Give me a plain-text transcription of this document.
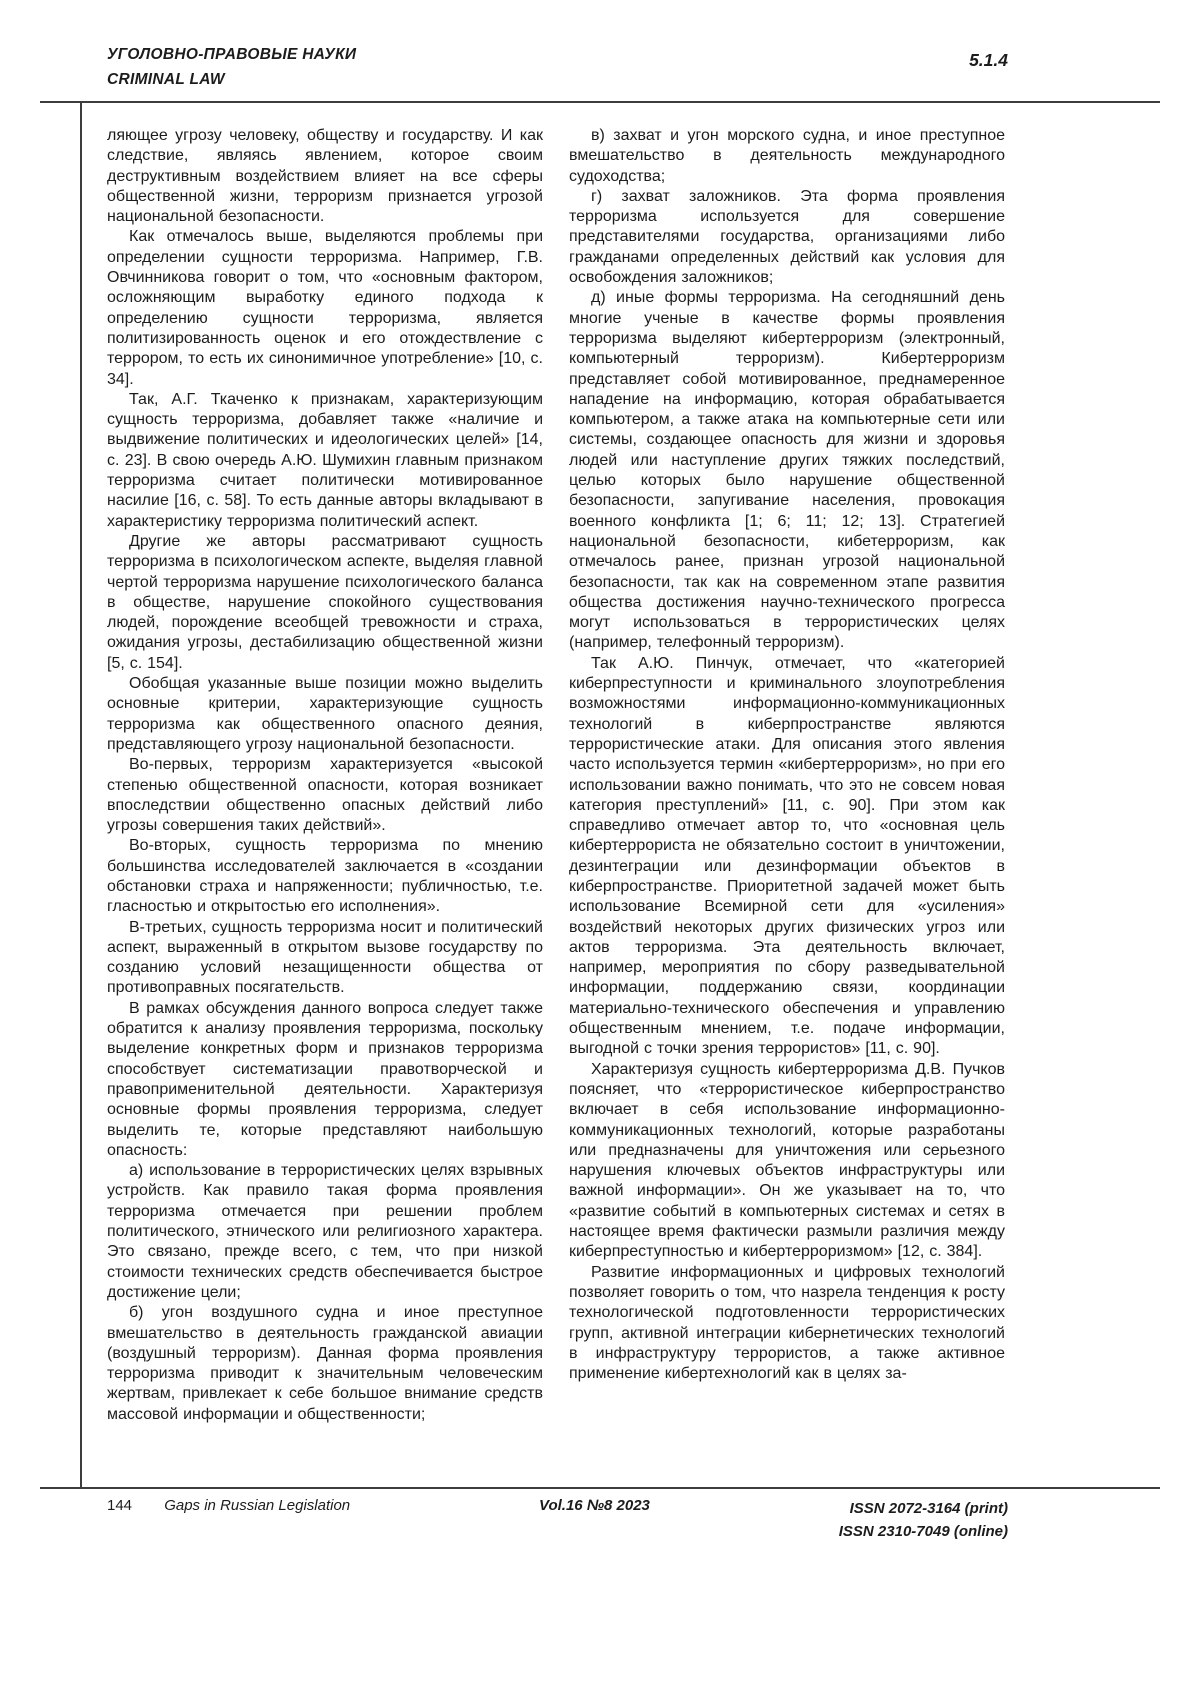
УГОЛОВНО-ПРАВОВЫЕ НАУКИ
CRIMINAL LAW
5.1.4

ляющее угрозу человеку, обществу и государству. И как следствие, являясь явлением, которое своим деструктивным воздействием влияет на все сферы общественной жизни, терроризм признается угрозой национальной безопасности.

Как отмечалось выше, выделяются проблемы при определении сущности терроризма. Например, Г.В. Овчинникова говорит о том, что «основным фактором, осложняющим выработку единого подхода к определению сущности терроризма, является политизированность оценок и его отождествление с террором, то есть их синонимичное употребление» [10, с. 34].

Так, А.Г. Ткаченко к признакам, характеризующим сущность терроризма, добавляет также «наличие и выдвижение политических и идеологических целей» [14, с. 23]. В свою очередь А.Ю. Шумихин главным признаком терроризма считает политически мотивированное насилие [16, с. 58]. То есть данные авторы вкладывают в характеристику терроризма политический аспект.

Другие же авторы рассматривают сущность терроризма в психологическом аспекте, выделяя главной чертой терроризма нарушение психологического баланса в обществе, нарушение спокойного существования людей, порождение всеобщей тревожности и страха, ожидания угрозы, дестабилизацию общественной жизни [5, с. 154].

Обобщая указанные выше позиции можно выделить основные критерии, характеризующие сущность терроризма как общественного опасного деяния, представляющего угрозу национальной безопасности.

Во-первых, терроризм характеризуется «высокой степенью общественной опасности, которая возникает впоследствии общественно опасных действий либо угрозы совершения таких действий».

Во-вторых, сущность терроризма по мнению большинства исследователей заключается в «создании обстановки страха и напряженности; публичностью, т.е. гласностью и открытостью его исполнения».

В-третьих, сущность терроризма носит и политический аспект, выраженный в открытом вызове государству по созданию условий незащищенности общества от противоправных посягательств.

В рамках обсуждения данного вопроса следует также обратится к анализу проявления терроризма, поскольку выделение конкретных форм и признаков терроризма способствует систематизации правотворческой и правоприменительной деятельности. Характеризуя основные формы проявления терроризма, следует выделить те, которые представляют наибольшую опасность:

а) использование в террористических целях взрывных устройств. Как правило такая форма проявления терроризма отмечается при решении проблем политического, этнического или религиозного характера. Это связано, прежде всего, с тем, что при низкой стоимости технических средств обеспечивается быстрое достижение цели;

б) угон воздушного судна и иное преступное вмешательство в деятельность гражданской авиации (воздушный терроризм). Данная форма проявления терроризма приводит к значительным человеческим жертвам, привлекает к себе большое внимание средств массовой информации и общественности;

в) захват и угон морского судна, и иное преступное вмешательство в деятельность международного судоходства;

г) захват заложников. Эта форма проявления терроризма используется для совершение представителями государства, организациями либо гражданами определенных действий как условия для освобождения заложников;

д) иные формы терроризма. На сегодняшний день многие ученые в качестве формы проявления терроризма выделяют кибертерроризм (электронный, компьютерный терроризм). Кибертерроризм представляет собой мотивированное, преднамеренное нападение на информацию, которая обрабатывается компьютером, а также атака на компьютерные сети или системы, создающее опасность для жизни и здоровья людей или наступление других тяжких последствий, целью которых было нарушение общественной безопасности, запугивание населения, провокация военного конфликта [1; 6; 11; 12; 13]. Стратегией национальной безопасности, кибетерроризм, как отмечалось ранее, признан угрозой национальной безопасности, так как на современном этапе развития общества достижения научно-технического прогресса могут использоваться в террористических целях (например, телефонный терроризм).

Так А.Ю. Пинчук, отмечает, что «категорией киберпреступности и криминального злоупотребления возможностями информационно-коммуникационных технологий в киберпространстве являются террористические атаки. Для описания этого явления часто используется термин «кибертерроризм», но при его использовании важно понимать, что это не совсем новая категория преступлений» [11, с. 90]. При этом как справедливо отмечает автор то, что «основная цель кибертеррориста не обязательно состоит в уничтожении, дезинтеграции или дезинформации объектов в киберпространстве. Приоритетной задачей может быть использование Всемирной сети для «усиления» воздействий некоторых других физических угроз или актов терроризма. Эта деятельность включает, например, мероприятия по сбору разведывательной информации, поддержанию связи, координации материально-технического обеспечения и управлению общественным мнением, т.е. подаче информации, выгодной с точки зрения террористов» [11, с. 90].

Характеризуя сущность кибертерроризма Д.В. Пучков поясняет, что «террористическое киберпространство включает в себя использование информационно-коммуникационных технологий, которые разработаны или предназначены для уничтожения или серьезного нарушения ключевых объектов инфраструктуры или важной информации». Он же указывает на то, что «развитие событий в компьютерных системах и сетях в настоящее время фактически размыли различия между киберпреступностью и кибертерроризмом» [12, с. 384].

Развитие информационных и цифровых технологий позволяет говорить о том, что назрела тенденция к росту технологической подготовленности террористических групп, активной интеграции кибернетических технологий в инфраструктуру террористов, а также активное применение кибертехнологий как в целях за-

144 Gaps in Russian Legislation	Vol.16 №8 2023	ISSN 2072-3164 (print)
ISSN 2310-7049 (online)
